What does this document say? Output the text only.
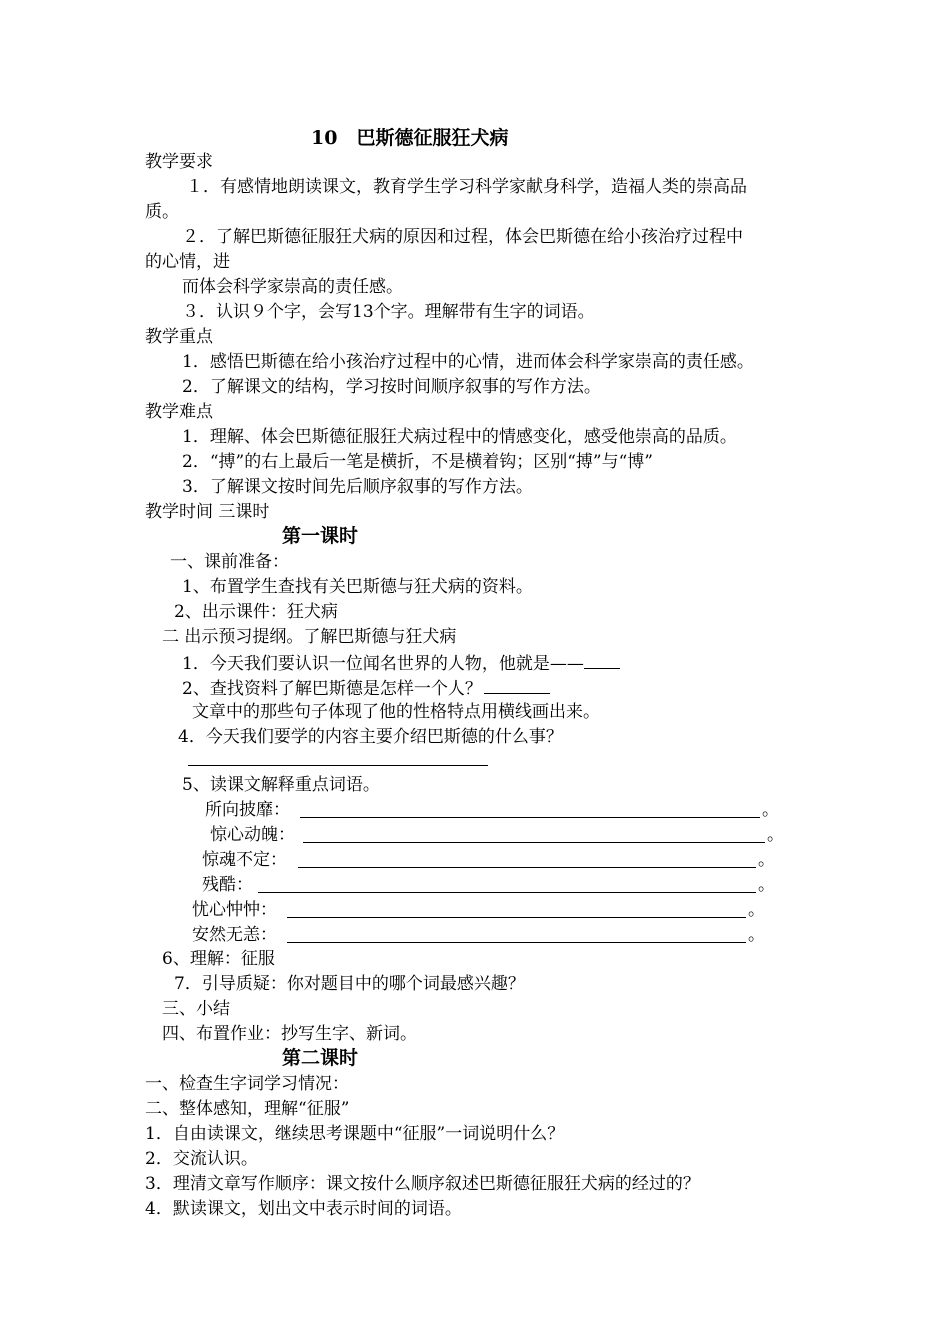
10　巴斯德征服狂犬病
教学要求
１．有感情地朗读课文，教育学生学习科学家献身科学，造福人类的崇高品
质。
２．了解巴斯德征服狂犬病的原因和过程，体会巴斯德在给小孩治疗过程中
的心情，进
而体会科学家崇高的责任感。
３．认识９个字，会写13个字。理解带有生字的词语。
教学重点
1．感悟巴斯德在给小孩治疗过程中的心情，进而体会科学家崇高的责任感。
2．了解课文的结构，学习按时间顺序叙事的写作方法。
教学难点
1．理解、体会巴斯德征服狂犬病过程中的情感变化，感受他崇高的品质。
2．“搏”的右上最后一笔是横折，不是横着钩；区别“搏”与“博”
3．了解课文按时间先后顺序叙事的写作方法。
教学时间 三课时
第一课时
一、课前准备：
1、布置学生查找有关巴斯德与狂犬病的资料。
2、出示课件：狂犬病
二 出示预习提纲。了解巴斯德与狂犬病
1．今天我们要认识一位闻名世界的人物，他就是——
2、查找资料了解巴斯德是怎样一个人？
文章中的那些句子体现了他的性格特点用横线画出来。
4．今天我们要学的内容主要介绍巴斯德的什么事？
5、读课文解释重点词语。
所向披靡：	。
惊心动魄：	。
惊魂不定：	。
残酷：	。
忧心忡忡：	。
安然无恙：	。
6、理解：征服
7．引导质疑：你对题目中的哪个词最感兴趣？
三、小结
四、布置作业：抄写生字、新词。
第二课时
一、检查生字词学习情况：
二、整体感知，理解“征服”
1．自由读课文，继续思考课题中“征服”一词说明什么？
2．交流认识。
3．理清文章写作顺序：课文按什么顺序叙述巴斯德征服狂犬病的经过的？
4．默读课文，划出文中表示时间的词语。
